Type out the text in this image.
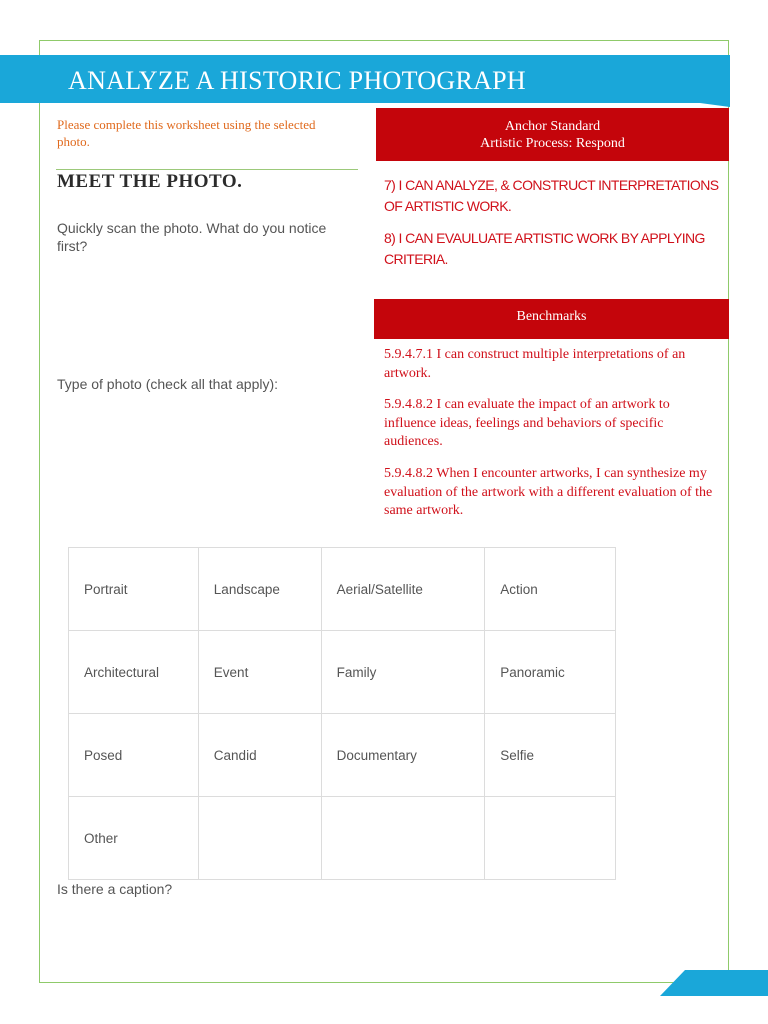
ANALYZE A HISTORIC PHOTOGRAPH
Please complete this worksheet using the selected photo.
MEET THE PHOTO.
Quickly scan the photo. What do you notice first?
Type of photo (check all that apply):
Anchor Standard
Artistic Process: Respond
7) I CAN ANALYZE, & CONSTRUCT INTERPRETATIONS OF ARTISTIC WORK.
8) I CAN EVAULUATE ARTISTIC WORK BY APPLYING CRITERIA.
Benchmarks
5.9.4.7.1 I can construct multiple interpretations of an artwork.
5.9.4.8.2 I can evaluate the impact of an artwork to influence ideas, feelings and behaviors of specific audiences.
5.9.4.8.2 When I encounter artworks, I can synthesize my evaluation of the artwork with a different evaluation of the same artwork.
Portrait	Landscape	Aerial/Satellite	Action
Architectural	Event	Family	Panoramic
Posed	Candid	Documentary	Selfie
Other			
Is there a caption?
